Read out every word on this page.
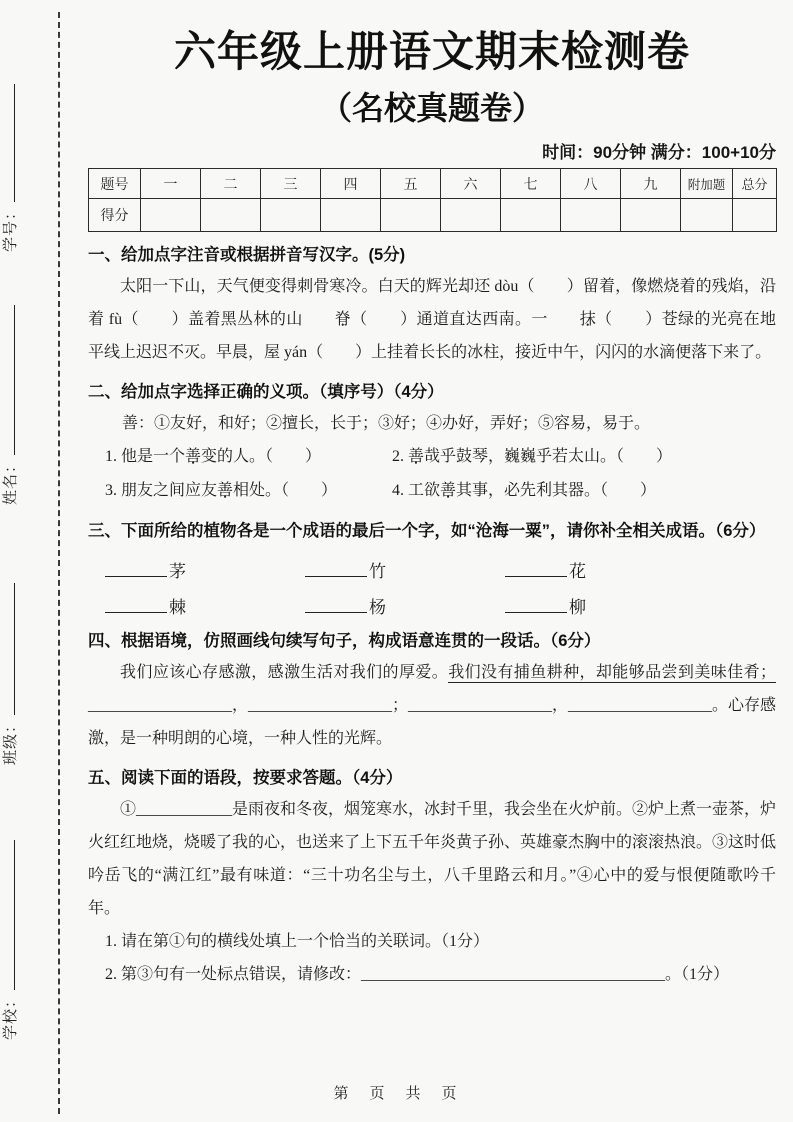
学号：
姓名：
班级：
学校：
六年级上册语文期末检测卷
（名校真题卷）
时间：90分钟 满分：100+10分
题号	一	二	三	四	五	六	七	八	九	附加题	总分
得分											
一、给加点字注音或根据拼音写汉字。(5分)

太阳一下山，天气便变得刺骨寒冷。白天的辉光却还 dòu（　　）留着，像燃烧着的残焰，沿着 fù（　　）盖着黑丛林的山 脊 •（　　）通道直达西南。一 抹 •（　　）苍绿的光亮在地平线上迟迟不灭。早晨，屋 yán（　　）上挂着长长的冰柱，接近中午，闪闪的水滴便落下来了。

二、给加点字选择正确的义项。（填序号）（4分）

善：①友好，和好；②擅长，长于；③好；④办好，弄好；⑤容易，易于。

1. 他是一个善 •变的人。（　　）	2. 善 •哉乎鼓琴，巍巍乎若太山。（　　）
3. 朋友之间应友善 •相处。（　　）	4. 工欲善 •其事，必先利其器。（　　）
三、下面所给的植物各是一个成语的最后一个字，如“沧海一粟”，请你补全相关成语。（6分）
茅	竹	花
棘	杨	柳
四、根据语境，仿照画线句续写句子，构成语意连贯的一段话。（6分）

我们应该心存感激，感激生活对我们的厚爱。我们没有捕鱼耕种，却能够品尝到美味佳肴；__________________，__________________；__________________，__________________。心存感激，是一种明朗的心境，一种人性的光辉。

五、阅读下面的语段，按要求答题。（4分）

①____________是雨夜和冬夜，烟笼寒水，冰封千里，我会坐在火炉前。②炉上煮一壶茶，炉火红红地烧，烧暖了我的心，也送来了上下五千年炎黄子孙、英雄豪杰胸中的滚滚热浪。③这时低吟岳飞的“满江红”最有味道：“三十功名尘与土，八千里路云和月。”④心中的爱与恨便随歌吟千年。

1. 请在第①句的横线处填上一个恰当的关联词。（1分）

2. 第③句有一处标点错误，请修改：______________________________________。（1分）

第　页　共　页
